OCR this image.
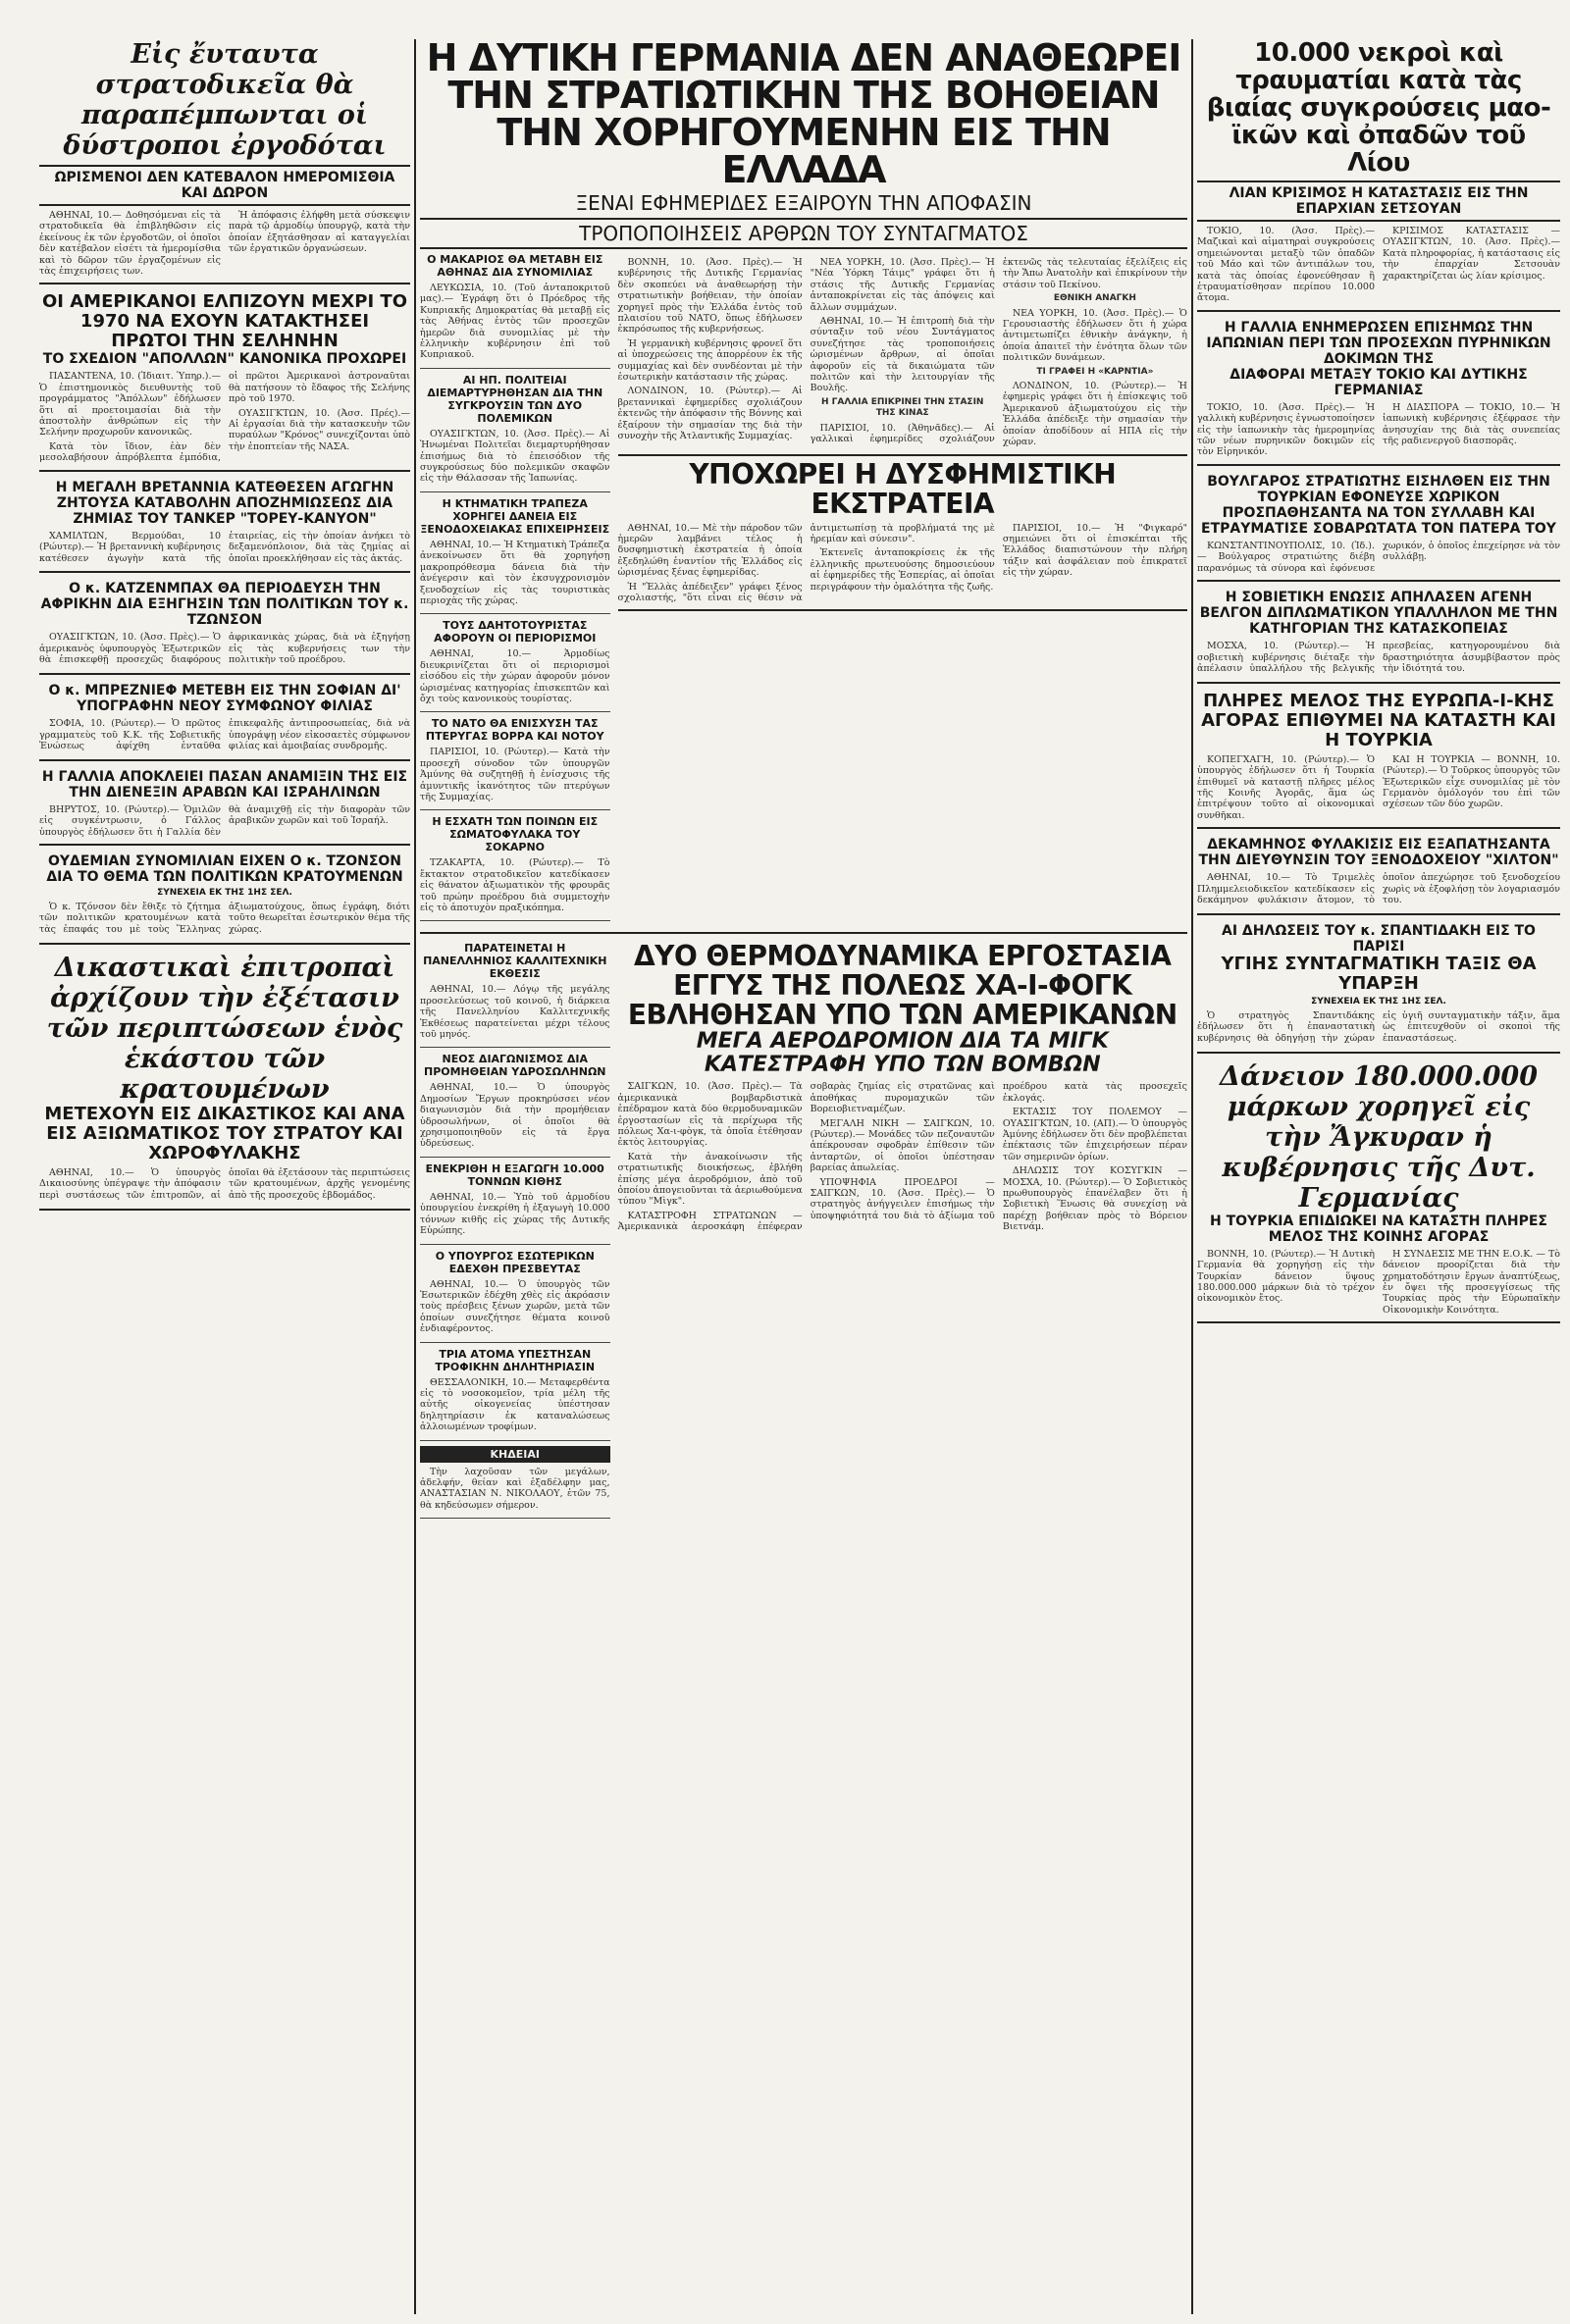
Εἰς ἔυταυτα στρατοδικεῖα θὰ παραπέμπωνται οἱ δύστροποι ἐργοδόται
ΩΡΙΣΜΕΝΟΙ ΔΕΝ ΚΑΤΕΒΑΛΟΝ ΗΜΕΡΟΜΙΣΘΙΑ ΚΑΙ ΔΩΡΟΝ

ΑΘΗΝΑΙ, 10.— Δοθησόμεναι εἰς τὰ στρατοδικεῖα θὰ ἐπιβληθῶσιν εἰς ἐκείνους ἐκ τῶν ἐργοδοτῶν, οἱ ὁποῖοι δὲν κατέβαλον εἰσέτι τὰ ἡμερομίσθια καὶ τὸ δῶρον τῶν ἐργαζομένων εἰς τὰς ἐπιχειρήσεις των.

Ἡ ἀπόφασις ἐλήφθη μετὰ σύσκεψιν παρὰ τῷ ἁρμοδίῳ ὑπουργῷ, κατὰ τὴν ὁποίαν ἐξητάσθησαν αἱ καταγγελίαι τῶν ἐργατικῶν ὀργανώσεων.

ΟΙ ΑΜΕΡΙΚΑΝΟΙ ΕΛΠΙΖΟΥΝ ΜΕΧΡΙ ΤΟ 1970 ΝΑ ΕΧΟΥΝ ΚΑΤΑΚΤΗΣΕΙ ΠΡΩΤΟΙ ΤΗΝ ΣΕΛΗΝΗΝ
ΤΟ ΣΧΕΔΙΟΝ "ΑΠΟΛΛΩΝ" ΚΑΝΟΝΙΚΑ ΠΡΟΧΩΡΕΙ

ΠΑΣΑΝΤΕΝΑ, 10. (Ἰδιαιτ. Ὑπηρ.).— Ὁ ἐπιστημονικὸς διευθυντὴς τοῦ προγράμματος "Ἀπόλλων" ἐδήλωσεν ὅτι αἱ προετοιμασίαι διὰ τὴν ἀποστολὴν ἀνθρώπων εἰς τὴν Σελήνην προχωροῦν κανονικῶς.

Κατὰ τὸν ἴδιον, ἐὰν δὲν μεσολαβήσουν ἀπρόβλεπτα ἐμπόδια, οἱ πρῶτοι Ἀμερικανοὶ ἀστροναῦται θὰ πατήσουν τὸ ἔδαφος τῆς Σελήνης πρὸ τοῦ 1970.

ΟΥΑΣΙΓΚΤΩΝ, 10. (Ἀσσ. Πρές).— Αἱ ἐργασίαι διὰ τὴν κατασκευὴν τῶν πυραύλων "Κρόνος" συνεχίζονται ὑπὸ τὴν ἐποπτείαν τῆς ΝΑΣΑ.

Η ΜΕΓΑΛΗ ΒΡΕΤΑΝΝΙΑ ΚΑΤΕΘΕΣΕΝ ΑΓΩΓΗΝ ΖΗΤΟΥΣΑ ΚΑΤΑΒΟΛΗΝ ΑΠΟΖΗΜΙΩΣΕΩΣ ΔΙΑ ΖΗΜΙΑΣ ΤΟΥ ΤΑΝΚΕΡ "ΤΟΡΕΥ-ΚΑΝΥΟΝ"

ΧΑΜΙΛΤΩΝ, Βερμούδαι, 10 (Ρώυτερ).— Ἡ βρεταννικὴ κυβέρνησις κατέθεσεν ἀγωγὴν κατὰ τῆς ἐταιρείας, εἰς τὴν ὁποίαν ἀνήκει τὸ δεξαμενόπλοιον, διὰ τὰς ζημίας αἱ ὁποῖαι προεκλήθησαν εἰς τὰς ἀκτάς.

Ο κ. ΚΑΤΖΕΝΜΠΑΧ ΘΑ ΠΕΡΙΟΔΕΥΣΗ ΤΗΝ ΑΦΡΙΚΗΝ ΔΙΑ ΕΞΗΓΗΣΙΝ ΤΩΝ ΠΟΛΙΤΙΚΩΝ ΤΟΥ κ. ΤΖΩΝΣΟΝ

ΟΥΑΣΙΓΚΤΩΝ, 10. (Ἀσσ. Πρὲς).— Ὁ ἀμερικανὸς ὑφυπουργὸς Ἐξωτερικῶν θὰ ἐπισκεφθῇ προσεχῶς διαφόρους ἀφρικανικὰς χώρας, διὰ νὰ ἐξηγήσῃ εἰς τὰς κυβερνήσεις των τὴν πολιτικὴν τοῦ προέδρου.

Ο κ. ΜΠΡΕΖΝΙΕΦ ΜΕΤΕΒΗ ΕΙΣ ΤΗΝ ΣΟΦΙΑΝ ΔΙ' ΥΠΟΓΡΑΦΗΝ ΝΕΟΥ ΣΥΜΦΩΝΟΥ ΦΙΛΙΑΣ

ΣΟΦΙΑ, 10. (Ρώυτερ).— Ὁ πρῶτος γραμματεὺς τοῦ Κ.Κ. τῆς Σοβιετικῆς Ἑνώσεως ἀφίχθη ἐνταῦθα ἐπικεφαλῆς ἀντιπροσωπείας, διὰ νὰ ὑπογράψῃ νέον εἰκοσαετὲς σύμφωνον φιλίας καὶ ἀμοιβαίας συνδρομῆς.

Η ΓΑΛΛΙΑ ΑΠΟΚΛΕΙΕΙ ΠΑΣΑΝ ΑΝΑΜΙΞΙΝ ΤΗΣ ΕΙΣ ΤΗΝ ΔΙΕΝΕΞΙΝ ΑΡΑΒΩΝ ΚΑΙ ΙΣΡΑΗΛΙΝΩΝ

ΒΗΡΥΤΟΣ, 10. (Ρώυτερ).— Ὁμιλῶν εἰς συγκέντρωσιν, ὁ Γάλλος ὑπουργὸς ἐδήλωσεν ὅτι ἡ Γαλλία δὲν θὰ ἀναμιχθῇ εἰς τὴν διαφορὰν τῶν ἀραβικῶν χωρῶν καὶ τοῦ Ἰσραήλ.

ΟΥΔΕΜΙΑΝ ΣΥΝΟΜΙΛΙΑΝ ΕΙΧΕΝ Ο κ. ΤΖΟΝΣΟΝ ΔΙΑ ΤΟ ΘΕΜΑ ΤΩΝ ΠΟΛΙΤΙΚΩΝ ΚΡΑΤΟΥΜΕΝΩΝ
ΣΥΝΕΧΕΙΑ ΕΚ ΤΗΣ 1ΗΣ ΣΕΛ.

Ὁ κ. Τζόνσον δὲν ἔθιξε τὸ ζήτημα τῶν πολιτικῶν κρατουμένων κατὰ τὰς ἐπαφάς του μὲ τοὺς Ἕλληνας ἀξιωματούχους, ὅπως ἐγράφη, διότι τοῦτο θεωρεῖται ἐσωτερικὸν θέμα τῆς χώρας.

Δικαστικαὶ ἐπιτροπαὶ ἀρχίζουν τὴν ἐξέτασιν τῶν περιπτώσεων ἑνὸς ἑκάστου τῶν κρατουμένων
ΜΕΤΕΧΟΥΝ ΕΙΣ ΔΙΚΑΣΤΙΚΟΣ ΚΑΙ ΑΝΑ ΕΙΣ ΑΞΙΩΜΑΤΙΚΟΣ ΤΟΥ ΣΤΡΑΤΟΥ ΚΑΙ ΧΩΡΟΦΥΛΑΚΗΣ

ΑΘΗΝΑΙ, 10.— Ὁ ὑπουργὸς Δικαιοσύνης ὑπέγραψε τὴν ἀπόφασιν περὶ συστάσεως τῶν ἐπιτροπῶν, αἱ ὁποῖαι θὰ ἐξετάσουν τὰς περιπτώσεις τῶν κρατουμένων, ἀρχῆς γενομένης ἀπὸ τῆς προσεχοῦς ἑβδομάδος.

Η ΔΥΤΙΚΗ ΓΕΡΜΑΝΙΑ ΔΕΝ ΑΝΑΘΕΩΡΕΙ ΤΗΝ ΣΤΡΑΤΙΩΤΙΚΗΝ ΤΗΣ ΒΟΗΘΕΙΑΝ ΤΗΝ ΧΟΡΗΓΟΥΜΕΝΗΝ ΕΙΣ ΤΗΝ ΕΛΛΑΔΑ
ΞΕΝΑΙ ΕΦΗΜΕΡΙΔΕΣ ΕΞΑΙΡΟΥΝ ΤΗΝ ΑΠΟΦΑΣΙΝ
ΤΡΟΠΟΠΟΙΗΣΕΙΣ ΑΡΘΡΩΝ ΤΟΥ ΣΥΝΤΑΓΜΑΤΟΣ
Ο ΜΑΚΑΡΙΟΣ ΘΑ ΜΕΤΑΒΗ ΕΙΣ ΑΘΗΝΑΣ ΔΙΑ ΣΥΝΟΜΙΛΙΑΣ

ΛΕΥΚΩΣΙΑ, 10. (Τοῦ ἀνταποκριτοῦ μας).— Ἐγράφη ὅτι ὁ Πρόεδρος τῆς Κυπριακῆς Δημοκρατίας θὰ μεταβῇ εἰς τὰς Ἀθήνας ἐντὸς τῶν προσεχῶν ἡμερῶν διὰ συνομιλίας μὲ τὴν ἑλληνικὴν κυβέρνησιν ἐπὶ τοῦ Κυπριακοῦ.

ΑΙ ΗΠ. ΠΟΛΙΤΕΙΑΙ ΔΙΕΜΑΡΤΥΡΗΘΗΣΑΝ ΔΙΑ ΤΗΝ ΣΥΓΚΡΟΥΣΙΝ ΤΩΝ ΔΥΟ ΠΟΛΕΜΙΚΩΝ

ΟΥΑΣΙΓΚΤΩΝ, 10. (Ἀσσ. Πρὲς).— Αἱ Ἡνωμέναι Πολιτεῖαι διεμαρτυρήθησαν ἐπισήμως διὰ τὸ ἐπεισόδιον τῆς συγκρούσεως δύο πολεμικῶν σκαφῶν εἰς τὴν Θάλασσαν τῆς Ἰαπωνίας.

Η ΚΤΗΜΑΤΙΚΗ ΤΡΑΠΕΖΑ ΧΟΡΗΓΕΙ ΔΑΝΕΙΑ ΕΙΣ ΞΕΝΟΔΟΧΕΙΑΚΑΣ ΕΠΙΧΕΙΡΗΣΕΙΣ

ΑΘΗΝΑΙ, 10.— Ἡ Κτηματικὴ Τράπεζα ἀνεκοίνωσεν ὅτι θὰ χορηγήσῃ μακροπρόθεσμα δάνεια διὰ τὴν ἀνέγερσιν καὶ τὸν ἐκσυγχρονισμὸν ξενοδοχείων εἰς τὰς τουριστικὰς περιοχὰς τῆς χώρας.

ΤΟΥΣ ΔΑΗΤΟΤΟΥΡΙΣΤΑΣ ΑΦΟΡΟΥΝ ΟΙ ΠΕΡΙΟΡΙΣΜΟΙ

ΑΘΗΝΑΙ, 10.— Ἁρμοδίως διευκρινίζεται ὅτι οἱ περιορισμοὶ εἰσόδου εἰς τὴν χώραν ἀφοροῦν μόνον ὡρισμένας κατηγορίας ἐπισκεπτῶν καὶ ὄχι τοὺς κανονικοὺς τουρίστας.

ΤΟ ΝΑΤΟ ΘΑ ΕΝΙΣΧΥΣΗ ΤΑΣ ΠΤΕΡΥΓΑΣ ΒΟΡΡΑ ΚΑΙ ΝΟΤΟΥ

ΠΑΡΙΣΙΟΙ, 10. (Ρώυτερ).— Κατὰ τὴν προσεχῆ σύνοδον τῶν ὑπουργῶν Ἀμύνης θὰ συζητηθῇ ἡ ἐνίσχυσις τῆς ἀμυντικῆς ἱκανότητος τῶν πτερύγων τῆς Συμμαχίας.

Η ΕΣΧΑΤΗ ΤΩΝ ΠΟΙΝΩΝ ΕΙΣ ΣΩΜΑΤΟΦΥΛΑΚΑ ΤΟΥ ΣΟΚΑΡΝΟ

ΤΖΑΚΑΡΤΑ, 10. (Ρώυτερ).— Τὸ ἔκτακτον στρατοδικεῖον κατεδίκασεν εἰς θάνατον ἀξιωματικὸν τῆς φρουρᾶς τοῦ πρώην προέδρου διὰ συμμετοχὴν εἰς τὸ ἀποτυχὸν πραξικόπημα.

ΒΟΝΝΗ, 10. (Ἀσσ. Πρὲς).— Ἡ κυβέρνησις τῆς Δυτικῆς Γερμανίας δὲν σκοπεύει νὰ ἀναθεωρήσῃ τὴν στρατιωτικὴν βοήθειαν, τὴν ὁποίαν χορηγεῖ πρὸς τὴν Ἑλλάδα ἐντὸς τοῦ πλαισίου τοῦ ΝΑΤΟ, ὅπως ἐδήλωσεν ἐκπρόσωπος τῆς κυβερνήσεως.

Ἡ γερμανικὴ κυβέρνησις φρονεῖ ὅτι αἱ ὑποχρεώσεις της ἀπορρέουν ἐκ τῆς συμμαχίας καὶ δὲν συνδέονται μὲ τὴν ἐσωτερικὴν κατάστασιν τῆς χώρας.

ΛΟΝΔΙΝΟΝ, 10. (Ρώυτερ).— Αἱ βρεταννικαὶ ἐφημερίδες σχολιάζουν ἐκτενῶς τὴν ἀπόφασιν τῆς Βόννης καὶ ἐξαίρουν τὴν σημασίαν της διὰ τὴν συνοχὴν τῆς Ἀτλαντικῆς Συμμαχίας.

ΝΕΑ ΥΟΡΚΗ, 10. (Ἀσσ. Πρὲς).— Ἡ "Νέα Ὑόρκη Τάιμς" γράφει ὅτι ἡ στάσις τῆς Δυτικῆς Γερμανίας ἀνταποκρίνεται εἰς τὰς ἀπόψεις καὶ ἄλλων συμμάχων.

ΑΘΗΝΑΙ, 10.— Ἡ ἐπιτροπὴ διὰ τὴν σύνταξιν τοῦ νέου Συντάγματος συνεζήτησε τὰς τροποποιήσεις ὡρισμένων ἄρθρων, αἱ ὁποῖαι ἀφοροῦν εἰς τὰ δικαιώματα τῶν πολιτῶν καὶ τὴν λειτουργίαν τῆς Βουλῆς.

Η ΓΑΛΛΙΑ ΕΠΙΚΡΙΝΕΙ ΤΗΝ ΣΤΑΣΙΝ ΤΗΣ ΚΙΝΑΣ

ΠΑΡΙΣΙΟΙ, 10. (Ἀθηνᾶδες).— Αἱ γαλλικαὶ ἐφημερίδες σχολιάζουν ἐκτενῶς τὰς τελευταίας ἐξελίξεις εἰς τὴν Ἄπω Ἀνατολὴν καὶ ἐπικρίνουν τὴν στάσιν τοῦ Πεκίνου.

ΕΘΝΙΚΗ ΑΝΑΓΚΗ

ΝΕΑ ΥΟΡΚΗ, 10. (Ἀσσ. Πρὲς).— Ὁ Γερουσιαστὴς ἐδήλωσεν ὅτι ἡ χώρα ἀντιμετωπίζει ἐθνικὴν ἀνάγκην, ἡ ὁποία ἀπαιτεῖ τὴν ἑνότητα ὅλων τῶν πολιτικῶν δυνάμεων.

ΤΙ ΓΡΑΦΕΙ Η «ΚΑΡΝΤΙΑ»

ΛΟΝΔΙΝΟΝ, 10. (Ρώυτερ).— Ἡ ἐφημερὶς γράφει ὅτι ἡ ἐπίσκεψις τοῦ Ἀμερικανοῦ ἀξιωματούχου εἰς τὴν Ἑλλάδα ἀπέδειξε τὴν σημασίαν τὴν ὁποίαν ἀποδίδουν αἱ ΗΠΑ εἰς τὴν χώραν.

ΥΠΟΧΩΡΕΙ Η ΔΥΣΦΗΜΙΣΤΙΚΗ ΕΚΣΤΡΑΤΕΙΑ

ΑΘΗΝΑΙ, 10.— Μὲ τὴν πάροδον τῶν ἡμερῶν λαμβάνει τέλος ἡ δυσφημιστικὴ ἐκστρατεία ἡ ὁποία ἐξεδηλώθη ἐναντίον τῆς Ἑλλάδος εἰς ὡρισμένας ξένας ἐφημερίδας.

Ἡ "Ἑλλὰς ἀπέδειξεν" γράφει ξένος σχολιαστής, "ὅτι εἶναι εἰς θέσιν νὰ ἀντιμετωπίσῃ τὰ προβλήματά της μὲ ἠρεμίαν καὶ σύνεσιν".

Ἐκτενεῖς ἀνταποκρίσεις ἐκ τῆς ἑλληνικῆς πρωτευούσης δημοσιεύουν αἱ ἐφημερίδες τῆς Ἑσπερίας, αἱ ὁποῖαι περιγράφουν τὴν ὁμαλότητα τῆς ζωῆς.

ΠΑΡΙΣΙΟΙ, 10.— Ἡ "Φιγκαρό" σημειώνει ὅτι οἱ ἐπισκέπται τῆς Ἑλλάδος διαπιστώνουν τὴν πλήρη τάξιν καὶ ἀσφάλειαν ποὺ ἐπικρατεῖ εἰς τὴν χώραν.

ΠΑΡΑΤΕΙΝΕΤΑΙ Η ΠΑΝΕΛΛΗΝΙΟΣ ΚΑΛΛΙΤΕΧΝΙΚΗ ΕΚΘΕΣΙΣ

ΑΘΗΝΑΙ, 10.— Λόγῳ τῆς μεγάλης προσελεύσεως τοῦ κοινοῦ, ἡ διάρκεια τῆς Πανελληνίου Καλλιτεχνικῆς Ἐκθέσεως παρατείνεται μέχρι τέλους τοῦ μηνός.

ΝΕΟΣ ΔΙΑΓΩΝΙΣΜΟΣ ΔΙΑ ΠΡΟΜΗΘΕΙΑΝ ΥΔΡΟΣΩΛΗΝΩΝ

ΑΘΗΝΑΙ, 10.— Ὁ ὑπουργὸς Δημοσίων Ἔργων προκηρύσσει νέον διαγωνισμὸν διὰ τὴν προμήθειαν ὑδροσωλήνων, οἱ ὁποῖοι θὰ χρησιμοποιηθοῦν εἰς τὰ ἔργα ὑδρεύσεως.

ΕΝΕΚΡΙΘΗ Η ΕΞΑΓΩΓΗ 10.000 ΤΟΝΝΩΝ ΚΙΘΗΣ

ΑΘΗΝΑΙ, 10.— Ὑπὸ τοῦ ἁρμοδίου ὑπουργείου ἐνεκρίθη ἡ ἐξαγωγὴ 10.000 τόννων κιθῆς εἰς χώρας τῆς Δυτικῆς Εὐρώπης.

Ο ΥΠΟΥΡΓΟΣ ΕΣΩΤΕΡΙΚΩΝ ΕΔΕΧΘΗ ΠΡΕΣΒΕΥΤΑΣ

ΑΘΗΝΑΙ, 10.— Ὁ ὑπουργὸς τῶν Ἐσωτερικῶν ἐδέχθη χθὲς εἰς ἀκρόασιν τοὺς πρέσβεις ξένων χωρῶν, μετὰ τῶν ὁποίων συνεζήτησε θέματα κοινοῦ ἐνδιαφέροντος.

ΤΡΙΑ ΑΤΟΜΑ ΥΠΕΣΤΗΣΑΝ ΤΡΟΦΙΚΗΝ ΔΗΛΗΤΗΡΙΑΣΙΝ

ΘΕΣΣΑΛΟΝΙΚΗ, 10.— Μεταφερθέντα εἰς τὸ νοσοκομεῖον, τρία μέλη τῆς αὐτῆς οἰκογενείας ὑπέστησαν δηλητηρίασιν ἐκ καταναλώσεως ἀλλοιωμένων τροφίμων.

ΚΗΔΕΙΑΙ

Τὴν λαχοῦσαν τῶν μεγάλων, ἀδελφήν, θείαν καὶ ἐξαδέλφην μας, ΑΝΑΣΤΑΣΙΑΝ Ν. ΝΙΚΟΛΑΟΥ, ἐτῶν 75, θὰ κηδεύσωμεν σήμερον.

ΔΥΟ ΘΕΡΜΟΔΥΝΑΜΙΚΑ ΕΡΓΟΣΤΑΣΙΑ ΕΓΓΥΣ ΤΗΣ ΠΟΛΕΩΣ ΧΑ-Ι-ΦΟΓΚ ΕΒΛΗΘΗΣΑΝ ΥΠΟ ΤΩΝ ΑΜΕΡΙΚΑΝΩΝ
ΜΕΓΑ ΑΕΡΟΔΡΟΜΙΟΝ ΔΙΑ ΤΑ ΜΙΓΚ ΚΑΤΕΣΤΡΑΦΗ ΥΠΟ ΤΩΝ ΒΟΜΒΩΝ

ΣΑΙΓΚΩΝ, 10. (Ἀσσ. Πρὲς).— Τὰ ἀμερικανικὰ βομβαρδιστικὰ ἐπέδραμον κατὰ δύο θερμοδυναμικῶν ἐργοστασίων εἰς τὰ περίχωρα τῆς πόλεως Χα-ι-φὸγκ, τὰ ὁποῖα ἐτέθησαν ἐκτὸς λειτουργίας.

Κατὰ τὴν ἀνακοίνωσιν τῆς στρατιωτικῆς διοικήσεως, ἐβλήθη ἐπίσης μέγα ἀεροδρόμιον, ἀπὸ τοῦ ὁποίου ἀπογειοῦνται τὰ ἀεριωθούμενα τύπου "Μὶγκ".

ΚΑΤΑΣΤΡΟΦΗ ΣΤΡΑΤΩΝΩΝ — Ἀμερικανικὰ ἀεροσκάφη ἐπέφεραν σοβαρὰς ζημίας εἰς στρατῶνας καὶ ἀποθήκας πυρομαχικῶν τῶν Βορειοβιετναμέζων.

ΜΕΓΑΛΗ ΝΙΚΗ — ΣΑΙΓΚΩΝ, 10. (Ρώυτερ).— Μονάδες τῶν πεζοναυτῶν ἀπέκρουσαν σφοδρὰν ἐπίθεσιν τῶν ἀνταρτῶν, οἱ ὁποῖοι ὑπέστησαν βαρείας ἀπωλείας.

ΥΠΟΨΗΦΙΑ ΠΡΟΕΔΡΟΙ — ΣΑΙΓΚΩΝ, 10. (Ἀσσ. Πρὲς).— Ὁ στρατηγὸς ἀνήγγειλεν ἐπισήμως τὴν ὑποψηφιότητά του διὰ τὸ ἀξίωμα τοῦ προέδρου κατὰ τὰς προσεχεῖς ἐκλογάς.

ΕΚΤΑΣΙΣ ΤΟΥ ΠΟΛΕΜΟΥ — ΟΥΑΣΙΓΚΤΩΝ, 10. (ΑΠ).— Ὁ ὑπουργὸς Ἀμύνης ἐδήλωσεν ὅτι δὲν προβλέπεται ἐπέκτασις τῶν ἐπιχειρήσεων πέραν τῶν σημερινῶν ὁρίων.

ΔΗΛΩΣΙΣ ΤΟΥ ΚΟΣΥΓΚΙΝ — ΜΟΣΧΑ, 10. (Ρώυτερ).— Ὁ Σοβιετικὸς πρωθυπουργὸς ἐπανέλαβεν ὅτι ἡ Σοβιετικὴ Ἕνωσις θὰ συνεχίσῃ νὰ παρέχῃ βοήθειαν πρὸς τὸ Βόρειον Βιετνάμ.

10.000 νεκροὶ καὶ τραυματίαι κατὰ τὰς βιαίας συγκρούσεις μαο-ϊκῶν καὶ ὀπαδῶν τοῦ Λίου
ΛΙΑΝ ΚΡΙΣΙΜΟΣ Η ΚΑΤΑΣΤΑΣΙΣ ΕΙΣ ΤΗΝ ΕΠΑΡΧΙΑΝ ΣΕΤΣΟΥΑΝ

ΤΟΚΙΟ, 10. (Ἀσσ. Πρὲς).— Μαζικαὶ καὶ αἱματηραὶ συγκρούσεις σημειώνονται μεταξὺ τῶν ὀπαδῶν τοῦ Μάο καὶ τῶν ἀντιπάλων του, κατὰ τὰς ὁποίας ἐφονεύθησαν ἢ ἐτραυματίσθησαν περίπου 10.000 ἄτομα.

ΚΡΙΣΙΜΟΣ ΚΑΤΑΣΤΑΣΙΣ — ΟΥΑΣΙΓΚΤΩΝ, 10. (Ἀσσ. Πρὲς).— Κατὰ πληροφορίας, ἡ κατάστασις εἰς τὴν ἐπαρχίαν Σετσουὰν χαρακτηρίζεται ὡς λίαν κρίσιμος.

Η ΓΑΛΛΙΑ ΕΝΗΜΕΡΩΣΕΝ ΕΠΙΣΗΜΩΣ ΤΗΝ ΙΑΠΩΝΙΑΝ ΠΕΡΙ ΤΩΝ ΠΡΟΣΕΧΩΝ ΠΥΡΗΝΙΚΩΝ ΔΟΚΙΜΩΝ ΤΗΣ
ΔΙΑΦΟΡΑΙ ΜΕΤΑΞΥ ΤΟΚΙΟ ΚΑΙ ΔΥΤΙΚΗΣ ΓΕΡΜΑΝΙΑΣ

ΤΟΚΙΟ, 10. (Ἀσσ. Πρὲς).— Ἡ γαλλικὴ κυβέρνησις ἐγνωστοποίησεν εἰς τὴν ἰαπωνικὴν τὰς ἡμερομηνίας τῶν νέων πυρηνικῶν δοκιμῶν εἰς τὸν Εἰρηνικόν.

Η ΔΙΑΣΠΟΡΑ — ΤΟΚΙΟ, 10.— Ἡ ἰαπωνικὴ κυβέρνησις ἐξέφρασε τὴν ἀνησυχίαν της διὰ τὰς συνεπείας τῆς ραδιενεργοῦ διασπορᾶς.

ΒΟΥΛΓΑΡΟΣ ΣΤΡΑΤΙΩΤΗΣ ΕΙΣΗΛΘΕΝ ΕΙΣ ΤΗΝ ΤΟΥΡΚΙΑΝ ΕΦΟΝΕΥΣΕ ΧΩΡΙΚΟΝ ΠΡΟΣΠΑΘΗΣΑΝΤΑ ΝΑ ΤΟΝ ΣΥΛΛΑΒΗ ΚΑΙ ΕΤΡΑΥΜΑΤΙΣΕ ΣΟΒΑΡΩΤΑΤΑ ΤΟΝ ΠΑΤΕΡΑ ΤΟΥ

ΚΩΝΣΤΑΝΤΙΝΟΥΠΟΛΙΣ, 10. (Ἰδ.).— Βούλγαρος στρατιώτης διέβη παρανόμως τὰ σύνορα καὶ ἐφόνευσε χωρικόν, ὁ ὁποῖος ἐπεχείρησε νὰ τὸν συλλάβῃ.

Η ΣΟΒΙΕΤΙΚΗ ΕΝΩΣΙΣ ΑΠΗΛΑΣΕΝ ΑΓΕΝΗ ΒΕΛΓΟΝ ΔΙΠΛΩΜΑΤΙΚΟΝ ΥΠΑΛΛΗΛΟΝ ΜΕ ΤΗΝ ΚΑΤΗΓΟΡΙΑΝ ΤΗΣ ΚΑΤΑΣΚΟΠΕΙΑΣ

ΜΟΣΧΑ, 10. (Ρώυτερ).— Ἡ σοβιετικὴ κυβέρνησις διέταξε τὴν ἀπέλασιν ὑπαλλήλου τῆς βελγικῆς πρεσβείας, κατηγορουμένου διὰ δραστηριότητα ἀσυμβίβαστον πρὸς τὴν ἰδιότητά του.

ΠΛΗΡΕΣ ΜΕΛΟΣ ΤΗΣ ΕΥΡΩΠΑ-Ι-ΚΗΣ ΑΓΟΡΑΣ ΕΠΙΘΥΜΕΙ ΝΑ ΚΑΤΑΣΤΗ ΚΑΙ Η ΤΟΥΡΚΙΑ

ΚΟΠΕΓΧΑΓΗ, 10. (Ρώυτερ).— Ὁ ὑπουργὸς ἐδήλωσεν ὅτι ἡ Τουρκία ἐπιθυμεῖ νὰ καταστῇ πλῆρες μέλος τῆς Κοινῆς Ἀγορᾶς, ἅμα ὡς ἐπιτρέψουν τοῦτο αἱ οἰκονομικαὶ συνθῆκαι.

ΚΑΙ Η ΤΟΥΡΚΙΑ — ΒΟΝΝΗ, 10. (Ρώυτερ).— Ὁ Τοῦρκος ὑπουργὸς τῶν Ἐξωτερικῶν εἶχε συνομιλίας μὲ τὸν Γερμανὸν ὁμόλογόν του ἐπὶ τῶν σχέσεων τῶν δύο χωρῶν.

ΔΕΚΑΜΗΝΟΣ ΦΥΛΑΚΙΣΙΣ ΕΙΣ ΕΞΑΠΑΤΗΣΑΝΤΑ ΤΗΝ ΔΙΕΥΘΥΝΣΙΝ ΤΟΥ ΞΕΝΟΔΟΧΕΙΟΥ "ΧΙΛΤΟΝ"

ΑΘΗΝΑΙ, 10.— Τὸ Τριμελὲς Πλημμελειοδικεῖον κατεδίκασεν εἰς δεκάμηνον φυλάκισιν ἄτομον, τὸ ὁποῖον ἀπεχώρησε τοῦ ξενοδοχείου χωρὶς νὰ ἐξοφλήσῃ τὸν λογαριασμόν του.

ΑΙ ΔΗΛΩΣΕΙΣ ΤΟΥ κ. ΣΠΑΝΤΙΔΑΚΗ ΕΙΣ ΤΟ ΠΑΡΙΣΙ
ΥΓΙΗΣ ΣΥΝΤΑΓΜΑΤΙΚΗ ΤΑΞΙΣ ΘΑ ΥΠΑΡΞΗ
ΣΥΝΕΧΕΙΑ ΕΚ ΤΗΣ 1ΗΣ ΣΕΛ.

Ὁ στρατηγὸς Σπαντιδάκης ἐδήλωσεν ὅτι ἡ ἐπαναστατικὴ κυβέρνησις θὰ ὁδηγήσῃ τὴν χώραν εἰς ὑγιῆ συνταγματικὴν τάξιν, ἅμα ὡς ἐπιτευχθοῦν οἱ σκοποὶ τῆς ἐπαναστάσεως.

Δάνειον 180.000.000 μάρκων χορηγεῖ εἰς τὴν Ἄγκυραν ἡ κυβέρνησις τῆς Δυτ. Γερμανίας
Η ΤΟΥΡΚΙΑ ΕΠΙΔΙΩΚΕΙ ΝΑ ΚΑΤΑΣΤΗ ΠΛΗΡΕΣ ΜΕΛΟΣ ΤΗΣ ΚΟΙΝΗΣ ΑΓΟΡΑΣ

ΒΟΝΝΗ, 10. (Ρώυτερ).— Ἡ Δυτικὴ Γερμανία θὰ χορηγήσῃ εἰς τὴν Τουρκίαν δάνειον ὕψους 180.000.000 μάρκων διὰ τὸ τρέχον οἰκονομικὸν ἔτος.

Η ΣΥΝΔΕΣΙΣ ΜΕ ΤΗΝ Ε.Ο.Κ. — Τὸ δάνειον προορίζεται διὰ τὴν χρηματοδότησιν ἔργων ἀναπτύξεως, ἐν ὄψει τῆς προσεγγίσεως τῆς Τουρκίας πρὸς τὴν Εὐρωπαϊκὴν Οἰκονομικὴν Κοινότητα.
